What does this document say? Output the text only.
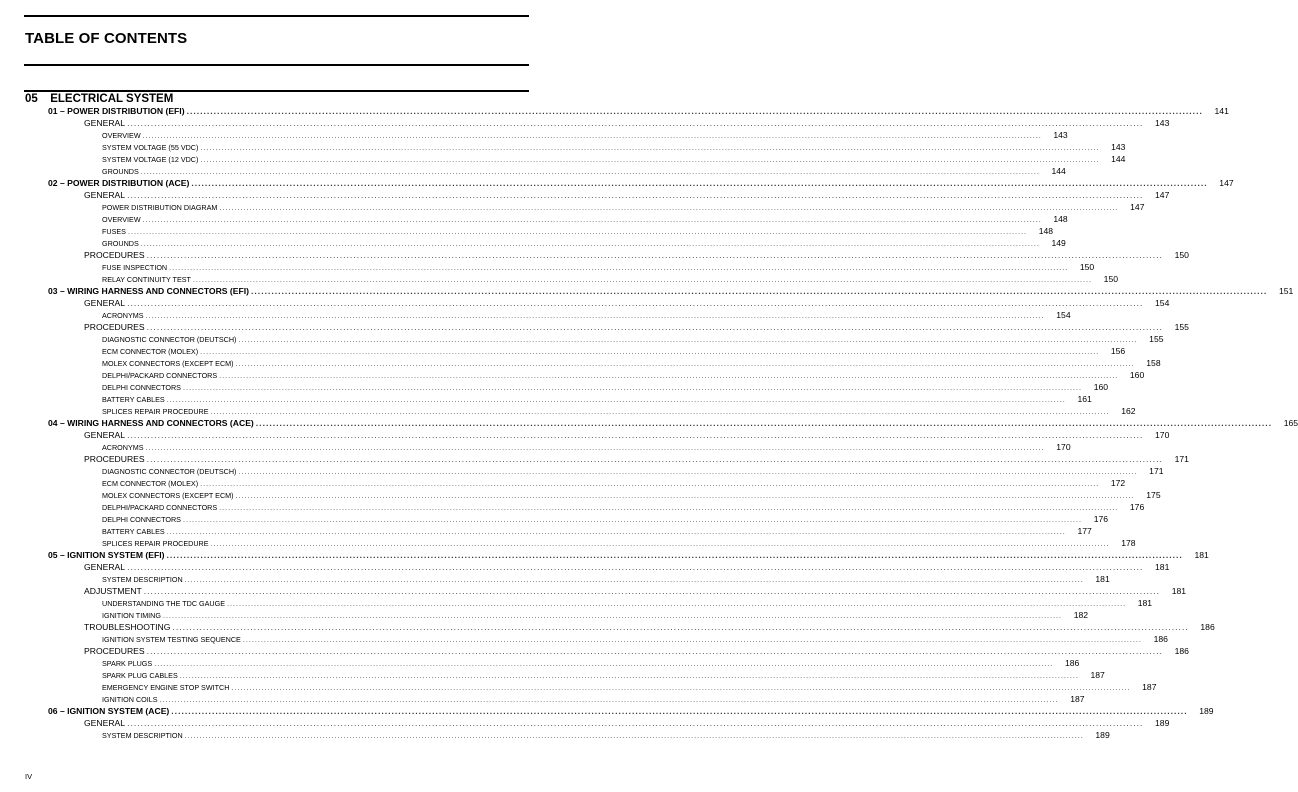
TABLE OF CONTENTS
05 ELECTRICAL SYSTEM
01 – POWER DISTRIBUTION (EFI) ............................................................................................................................................................................................................................................................................................................	141
GENERAL ............................................................................................................................................................................................................................................................................................................	143
OVERVIEW ............................................................................................................................................................................................................................................................................................................	143
SYSTEM VOLTAGE (55 VDC) ............................................................................................................................................................................................................................................................................................................	143
SYSTEM VOLTAGE (12 VDC) ............................................................................................................................................................................................................................................................................................................	144
GROUNDS ............................................................................................................................................................................................................................................................................................................	144
02 – POWER DISTRIBUTION (ACE) ............................................................................................................................................................................................................................................................................................................	147
GENERAL ............................................................................................................................................................................................................................................................................................................	147
POWER DISTRIBUTION DIAGRAM ............................................................................................................................................................................................................................................................................................................	147
OVERVIEW ............................................................................................................................................................................................................................................................................................................	148
FUSES ............................................................................................................................................................................................................................................................................................................	148
GROUNDS ............................................................................................................................................................................................................................................................................................................	149
PROCEDURES ............................................................................................................................................................................................................................................................................................................	150
FUSE INSPECTION ............................................................................................................................................................................................................................................................................................................	150
RELAY CONTINUITY TEST ............................................................................................................................................................................................................................................................................................................	150
03 – WIRING HARNESS AND CONNECTORS (EFI) ............................................................................................................................................................................................................................................................................................................	151
GENERAL ............................................................................................................................................................................................................................................................................................................	154
ACRONYMS ............................................................................................................................................................................................................................................................................................................	154
PROCEDURES ............................................................................................................................................................................................................................................................................................................	155
DIAGNOSTIC CONNECTOR (DEUTSCH) ............................................................................................................................................................................................................................................................................................................	155
ECM CONNECTOR (MOLEX) ............................................................................................................................................................................................................................................................................................................	156
MOLEX CONNECTORS (EXCEPT ECM) ............................................................................................................................................................................................................................................................................................................	158
DELPHI/PACKARD CONNECTORS ............................................................................................................................................................................................................................................................................................................	160
DELPHI CONNECTORS ............................................................................................................................................................................................................................................................................................................	160
BATTERY CABLES ............................................................................................................................................................................................................................................................................................................	161
SPLICES REPAIR PROCEDURE ............................................................................................................................................................................................................................................................................................................	162
04 – WIRING HARNESS AND CONNECTORS (ACE) ............................................................................................................................................................................................................................................................................................................	165
GENERAL ............................................................................................................................................................................................................................................................................................................	170
ACRONYMS ............................................................................................................................................................................................................................................................................................................	170
PROCEDURES ............................................................................................................................................................................................................................................................................................................	171
DIAGNOSTIC CONNECTOR (DEUTSCH) ............................................................................................................................................................................................................................................................................................................	171
ECM CONNECTOR (MOLEX) ............................................................................................................................................................................................................................................................................................................	172
MOLEX CONNECTORS (EXCEPT ECM) ............................................................................................................................................................................................................................................................................................................	175
DELPHI/PACKARD CONNECTORS ............................................................................................................................................................................................................................................................................................................	176
DELPHI CONNECTORS ............................................................................................................................................................................................................................................................................................................	176
BATTERY CABLES ............................................................................................................................................................................................................................................................................................................	177
SPLICES REPAIR PROCEDURE ............................................................................................................................................................................................................................................................................................................	178
05 – IGNITION SYSTEM (EFI) ............................................................................................................................................................................................................................................................................................................	181
GENERAL ............................................................................................................................................................................................................................................................................................................	181
SYSTEM DESCRIPTION ............................................................................................................................................................................................................................................................................................................	181
ADJUSTMENT ............................................................................................................................................................................................................................................................................................................	181
UNDERSTANDING THE TDC GAUGE ............................................................................................................................................................................................................................................................................................................	181
IGNITION TIMING ............................................................................................................................................................................................................................................................................................................	182
TROUBLESHOOTING ............................................................................................................................................................................................................................................................................................................	186
IGNITION SYSTEM TESTING SEQUENCE ............................................................................................................................................................................................................................................................................................................	186
PROCEDURES ............................................................................................................................................................................................................................................................................................................	186
SPARK PLUGS ............................................................................................................................................................................................................................................................................................................	186
SPARK PLUG CABLES ............................................................................................................................................................................................................................................................................................................	187
EMERGENCY ENGINE STOP SWITCH ............................................................................................................................................................................................................................................................................................................	187
IGNITION COILS ............................................................................................................................................................................................................................................................................................................	187
06 – IGNITION SYSTEM (ACE) ............................................................................................................................................................................................................................................................................................................	189
GENERAL ............................................................................................................................................................................................................................................................................................................	189
SYSTEM DESCRIPTION ............................................................................................................................................................................................................................................................................................................	189
IV
